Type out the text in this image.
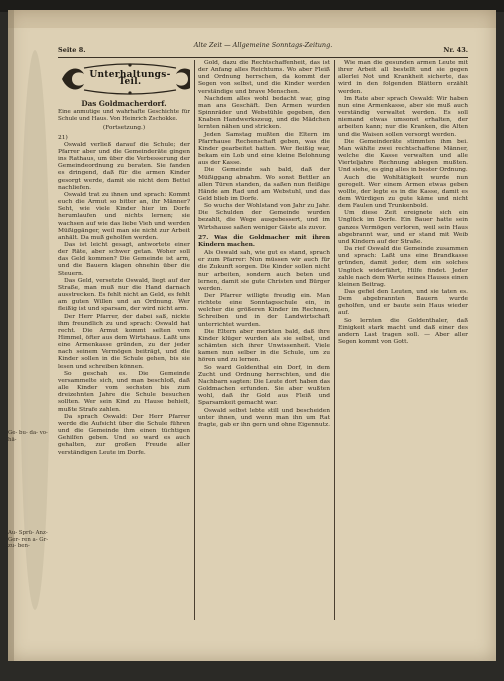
Ge- bu- da- vo- hä-
Au- Sprü- Anz- Ger- ren a- Gr- zu- ben-
Seite 8.
Alte Zeit — Allgemeine Sonntags-Zeitung.
Nr. 43.
Unterhaltungs-Teil.
Das Goldmacherdorf.

Eine anmutige und wahrhafte Geschichte für Schule und Haus. Von Heinrich Zschokke.

(Fortsetzung.)

21)

Oswald verließ darauf die Schule; der Pfarrer aber und die Gemeinderäte gingen ins Rathaus, um über die Verbesserung der Gemeindeordnung zu beraten. Sie fanden es dringend, daß für die armen Kinder gesorgt werde, damit sie nicht dem Bettel nachliefen.

Oswald trat zu ihnen und sprach: Kommt euch die Armut so bitter an, ihr Männer? Seht, wie viele Kinder hier im Dorfe herumlaufen und nichts lernen; sie wachsen auf wie das liebe Vieh und werden Müßiggänger, weil man sie nicht zur Arbeit anhält. Da muß geholfen werden.

Das ist leicht gesagt, antwortete einer der Räte, aber schwer getan. Woher soll das Geld kommen? Die Gemeinde ist arm, und die Bauern klagen ohnehin über die Steuern.

Das Geld, versetzte Oswald, liegt auf der Straße, man muß nur die Hand darnach ausstrecken. Es fehlt nicht an Geld, es fehlt am guten Willen und an Ordnung. Wer fleißig ist und sparsam, der wird nicht arm.

Der Herr Pfarrer, der dabei saß, nickte ihm freundlich zu und sprach: Oswald hat recht. Die Armut kommt selten vom Himmel, öfter aus dem Wirtshaus. Laßt uns eine Armenkasse gründen, zu der jeder nach seinem Vermögen beiträgt, und die Kinder sollen in die Schule gehen, bis sie lesen und schreiben können.

So geschah es. Die Gemeinde versammelte sich, und man beschloß, daß alle Kinder vom sechsten bis zum dreizehnten Jahre die Schule besuchen sollten. Wer sein Kind zu Hause behielt, mußte Strafe zahlen.

Da sprach Oswald: Der Herr Pfarrer werde die Aufsicht über die Schule führen und die Gemeinde ihm einen tüchtigen Gehilfen geben. Und so ward es auch gehalten, zur großen Freude aller verständigen Leute im Dorfe.

Gold, dazu die Rechtschaffenheit, das ist der Anfang alles Reichtums. Wo aber Fleiß und Ordnung herrschen, da kommt der Segen von selbst, und die Kinder werden verständige und brave Menschen.

Nachdem alles wohl bedacht war, ging man ans Geschäft. Den Armen wurden Spinnräder und Webstühle gegeben, den Knaben Handwerkszeug, und die Mädchen lernten nähen und stricken.

Jeden Samstag mußten die Eltern im Pfarrhause Rechenschaft geben, was die Kinder gearbeitet hatten. Wer fleißig war, bekam ein Lob und eine kleine Belohnung aus der Kasse.

Die Gemeinde sah bald, daß der Müßiggang abnahm. Wo sonst Bettler an allen Türen standen, da saßen nun fleißige Hände am Rad und am Webstuhl, und das Geld blieb im Dorfe.

So wuchs der Wohlstand von Jahr zu Jahr. Die Schulden der Gemeinde wurden bezahlt, die Wege ausgebessert, und im Wirtshause saßen weniger Gäste als zuvor.

27. Was die Goldmacher mit ihren Kindern machen.

Als Oswald sah, wie gut es stand, sprach er zum Pfarrer: Nun müssen wir auch für die Zukunft sorgen. Die Kinder sollen nicht nur arbeiten, sondern auch beten und lernen, damit sie gute Christen und Bürger werden.

Der Pfarrer willigte freudig ein. Man richtete eine Sonntagsschule ein, in welcher die größeren Kinder im Rechnen, Schreiben und in der Landwirtschaft unterrichtet wurden.

Die Eltern aber merkten bald, daß ihre Kinder klüger wurden als sie selbst, und schämten sich ihrer Unwissenheit. Viele kamen nun selber in die Schule, um zu hören und zu lernen.

So ward Goldenthal ein Dorf, in dem Zucht und Ordnung herrschten, und die Nachbarn sagten: Die Leute dort haben das Goldmachen erfunden. Sie aber wußten wohl, daß ihr Gold aus Fleiß und Sparsamkeit gemacht war.

Oswald selbst lebte still und bescheiden unter ihnen, und wenn man ihn um Rat fragte, gab er ihn gern und ohne Eigennutz.

Wie man die gesunden armen Leute mit ihrer Arbeit all bestellt und sie gegen allerlei Not und Krankheit sicherte, das wird in den folgenden Blättern erzählt werden.

Im Rate aber sprach Oswald: Wir haben nun eine Armenkasse, aber sie muß auch verständig verwaltet werden. Es soll niemand etwas umsonst erhalten, der arbeiten kann; nur die Kranken, die Alten und die Waisen sollen versorgt werden.

Die Gemeinderäte stimmten ihm bei. Man wählte zwei rechtschaffene Männer, welche die Kasse verwalten und alle Vierteljahre Rechnung ablegen mußten. Und siehe, es ging alles in bester Ordnung.

Auch die Wohltätigkeit wurde nun geregelt. Wer einem Armen etwas geben wollte, der legte es in die Kasse, damit es dem Würdigen zu gute käme und nicht dem Faulen und Trunkenbold.

Um diese Zeit ereignete sich ein Unglück im Dorfe. Ein Bauer hatte sein ganzes Vermögen verloren, weil sein Haus abgebrannt war, und er stand mit Weib und Kindern auf der Straße.

Da rief Oswald die Gemeinde zusammen und sprach: Laßt uns eine Brandkasse gründen, damit jeder, dem ein solches Unglück widerfährt, Hilfe findet. Jeder zahle nach dem Werte seines Hauses einen kleinen Beitrag.

Das gefiel den Leuten, und sie taten es. Dem abgebrannten Bauern wurde geholfen, und er baute sein Haus wieder auf.

So lernten die Goldenthaler, daß Einigkeit stark macht und daß einer des andern Last tragen soll. — Aber aller Segen kommt von Gott.
